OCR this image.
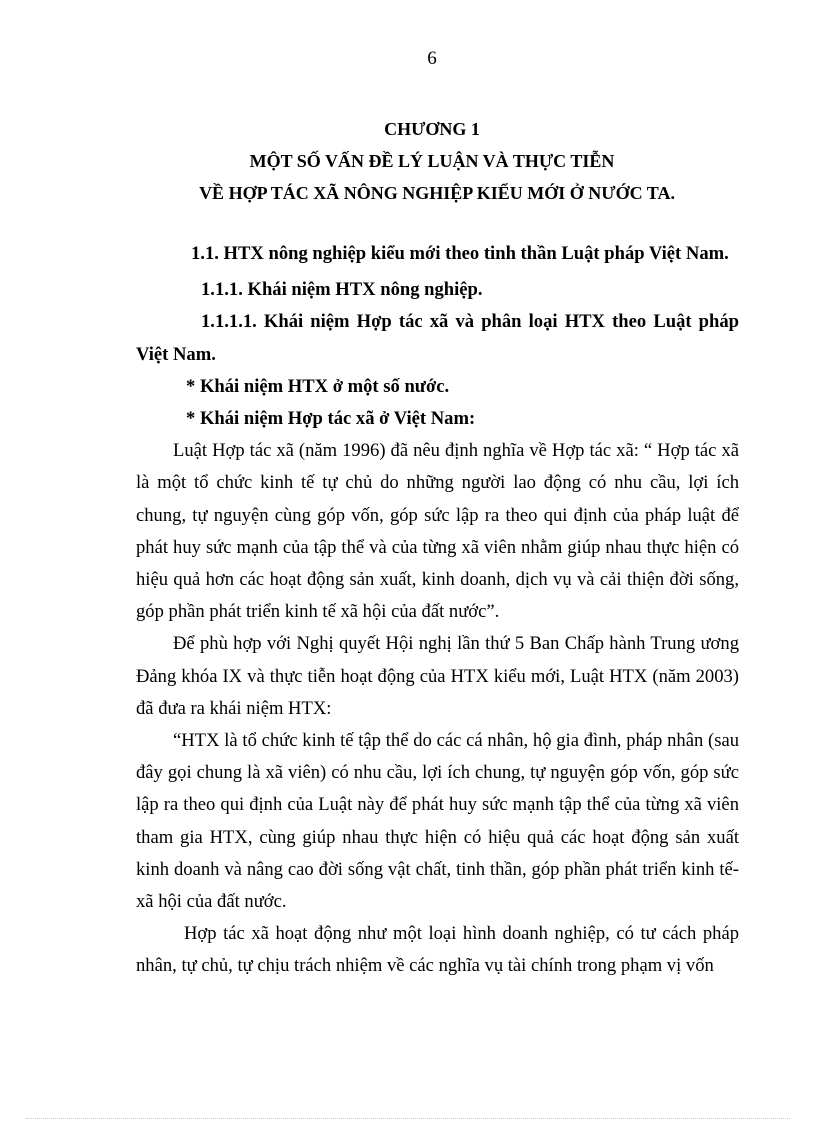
6
CHƯƠNG 1
MỘT SỐ VẤN ĐỀ LÝ LUẬN VÀ THỰC TIỄN
VỀ HỢP TÁC XÃ NÔNG NGHIỆP KIỂU MỚI Ở NƯỚC TA.

1.1. HTX nông nghiệp kiểu mới theo tinh thần Luật pháp Việt Nam.

1.1.1. Khái niệm HTX nông nghiệp.

1.1.1.1. Khái niệm Hợp tác xã và phân loại HTX theo Luật pháp Việt Nam.

* Khái niệm HTX ở một số nước.

* Khái niệm Hợp tác xã ở Việt Nam:

Luật Hợp tác xã (năm 1996) đã nêu định nghĩa về Hợp tác xã: “ Hợp tác xã là một tổ chức kinh tế tự chủ do những người lao động có nhu cầu, lợi ích chung, tự nguyện cùng góp vốn, góp sức lập ra theo qui định của pháp luật để phát huy sức mạnh của tập thể và của từng xã viên nhằm giúp nhau thực hiện có hiệu quả hơn các hoạt động sản xuất, kinh doanh, dịch vụ và cải thiện đời sống, góp phần phát triển kinh tế xã hội của đất nước”.

Để phù hợp với Nghị quyết Hội nghị lần thứ 5 Ban Chấp hành Trung ương Đảng khóa IX và thực tiễn hoạt động của HTX kiểu mới, Luật HTX (năm 2003) đã đưa ra khái niệm HTX:

“HTX là tổ chức kinh tế tập thể do các cá nhân, hộ gia đình, pháp nhân (sau đây gọi chung là xã viên) có nhu cầu, lợi ích chung, tự nguyện góp vốn, góp sức lập ra theo qui định của Luật này để phát huy sức mạnh tập thể của từng xã viên tham gia HTX, cùng giúp nhau thực hiện có hiệu quả các hoạt động sản xuất kinh doanh và nâng cao đời sống vật chất, tinh thần, góp phần phát triển kinh tế-xã hội của đất nước.

Hợp tác xã hoạt động như một loại hình doanh nghiệp, có tư cách pháp nhân, tự chủ, tự chịu trách nhiệm về các nghĩa vụ tài chính trong phạm vị vốn
